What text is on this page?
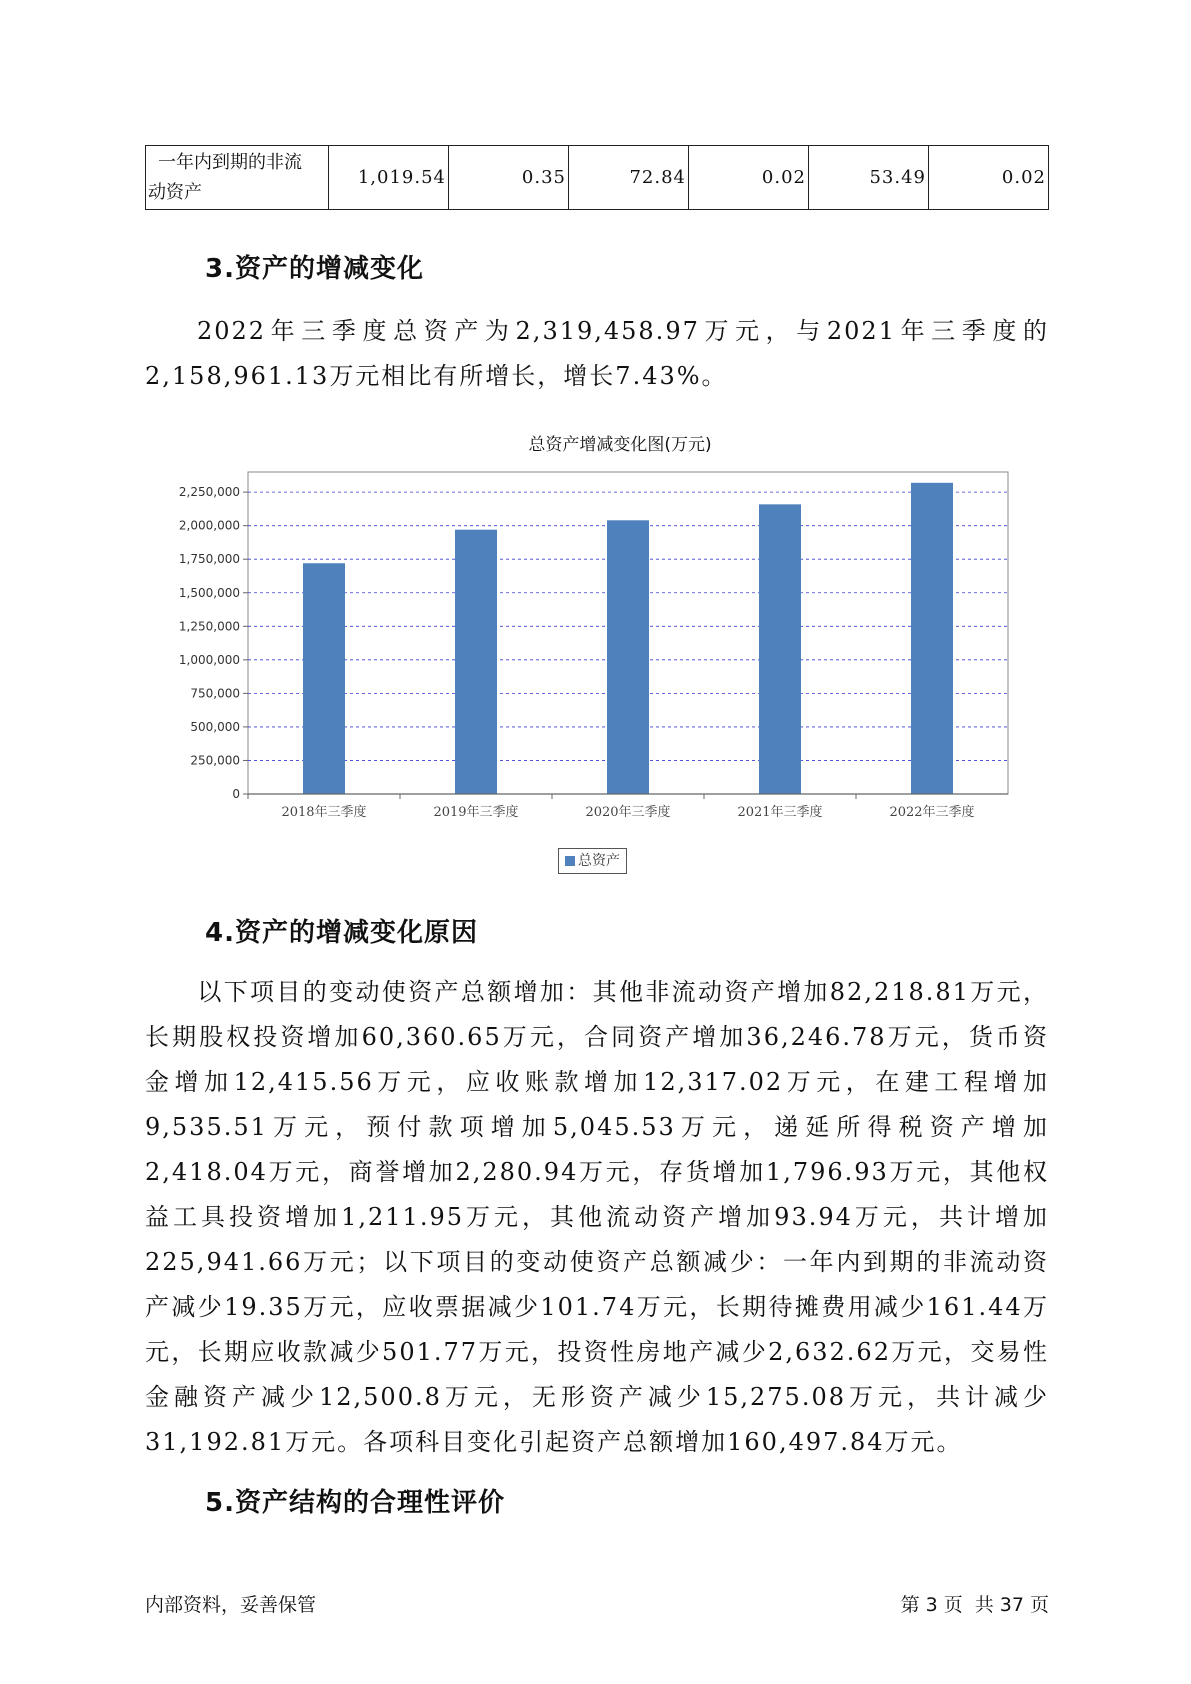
一年内到期的非流
动资产
	1,019.54	0.35	72.84	0.02	53.49	0.02
3.资产的增减变化

2022年三季度总资产为2,319,458.97万元，与2021年三季度的2,158,961.13万元相比有所增长，增长7.43%。

总资产增减变化图(万元)
0
250,000
500,000
750,000
1,000,000
1,250,000
1,500,000
1,750,000
2,000,000
2,250,000
2018年三季度	2019年三季度	2020年三季度	2021年三季度	2022年三季度
总资产
4.资产的增减变化原因

以下项目的变动使资产总额增加：其他非流动资产增加82,218.81万元，长期股权投资增加60,360.65万元，合同资产增加36,246.78万元，货币资金增加12,415.56万元，应收账款增加12,317.02万元，在建工程增加9,535.51万元，预付款项增加5,045.53万元，递延所得税资产增加2,418.04万元，商誉增加2,280.94万元，存货增加1,796.93万元，其他权益工具投资增加1,211.95万元，其他流动资产增加93.94万元，共计增加225,941.66万元；以下项目的变动使资产总额减少：一年内到期的非流动资产减少19.35万元，应收票据减少101.74万元，长期待摊费用减少161.44万元，长期应收款减少501.77万元，投资性房地产减少2,632.62万元，交易性金融资产减少12,500.8万元，无形资产减少15,275.08万元，共计减少31,192.81万元。各项科目变化引起资产总额增加160,497.84万元。

5.资产结构的合理性评价
内部资料，妥善保管	第 3 页 共 37 页
